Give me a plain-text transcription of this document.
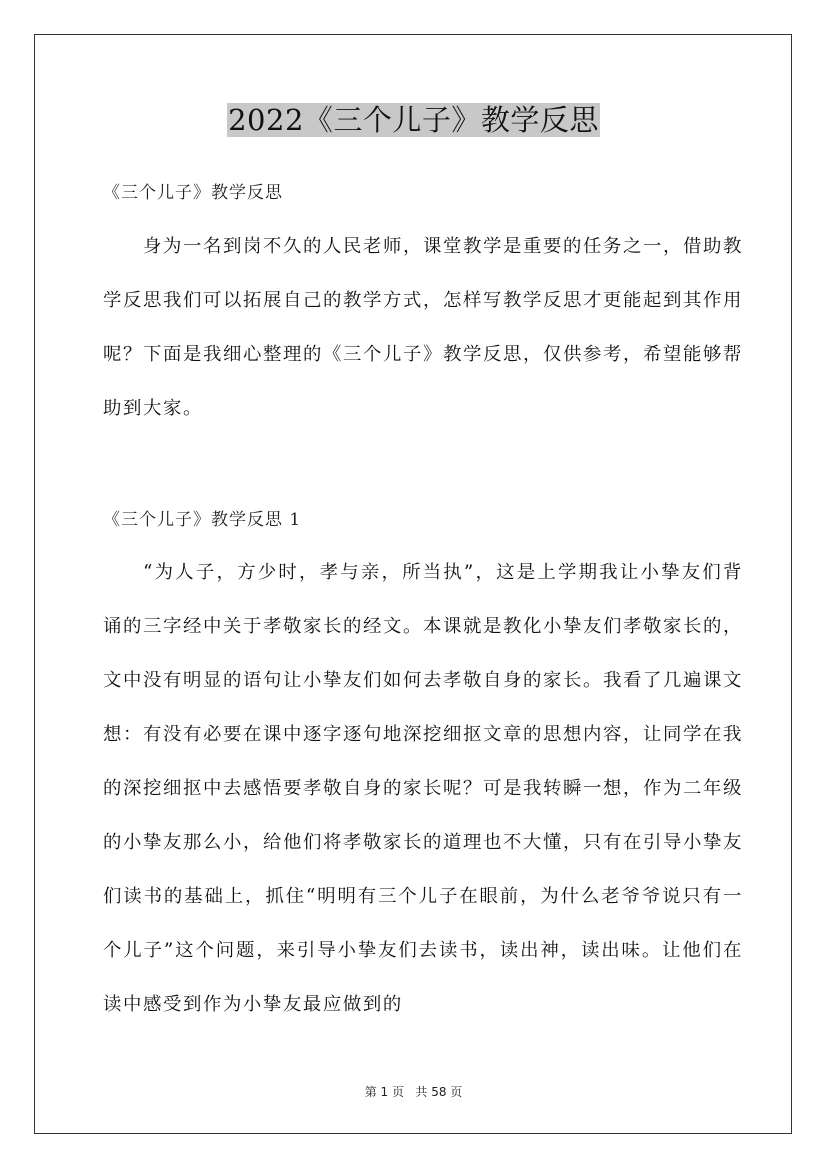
2022《三个儿子》教学反思
《三个儿子》教学反思
身为一名到岗不久的人民老师，课堂教学是重要的任务之一，借助教学反思我们可以拓展自己的教学方式，怎样写教学反思才更能起到其作用呢？下面是我细心整理的《三个儿子》教学反思，仅供参考，希望能够帮助到大家。
《三个儿子》教学反思 1
“为人子，方少时，孝与亲，所当执”，这是上学期我让小挚友们背诵的三字经中关于孝敬家长的经文。本课就是教化小挚友们孝敬家长的，文中没有明显的语句让小挚友们如何去孝敬自身的家长。我看了几遍课文想：有没有必要在课中逐字逐句地深挖细抠文章的思想内容，让同学在我的深挖细抠中去感悟要孝敬自身的家长呢？可是我转瞬一想，作为二年级的小挚友那么小，给他们将孝敬家长的道理也不大懂，只有在引导小挚友们读书的基础上，抓住“明明有三个儿子在眼前，为什么老爷爷说只有一个儿子”这个问题，来引导小挚友们去读书，读出神，读出味。让他们在读中感受到作为小挚友最应做到的
第 1 页   共 58 页
